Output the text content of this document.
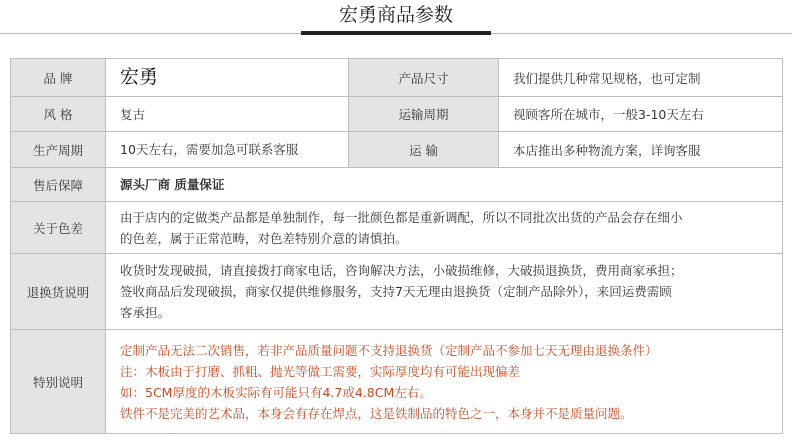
宏勇商品参数
品 牌	宏勇	产品尺寸	我们提供几种常见规格，也可定制
风 格	复古	运输周期	视顾客所在城市，一般3-10天左右
生产周期	10天左右，需要加急可联系客服	运 输	本店推出多种物流方案，详询客服
售后保障	源头厂商 质量保证		
关于色差	由于店内的定做类产品都是单独制作，每一批颜色都是重新调配，所以不同批次出货的产品会存在细小
的色差，属于正常范畴，对色差特别介意的请慎拍。		

退换货说明	收货时发现破损，请直接拨打商家电话，咨询解决方法，小破损维修，大破损退换货，费用商家承担；
签收商品后发现破损，商家仅提供维修服务，支持7天无理由退换货（定制产品除外），来回运费需顾
客承担。		

特别说明	定制产品无法二次销售，若非产品质量问题不支持退换货（定制产品不参加七天无理由退换条件）
注：木板由于打磨、抓粗、抛光等做工需要，实际厚度均有可能出现偏差
如：5CM厚度的木板实际有可能只有4.7或4.8CM左右。
铁件不是完美的艺术品，本身会有存在焊点，这是铁制品的特色之一，本身并不是质量问题。		
